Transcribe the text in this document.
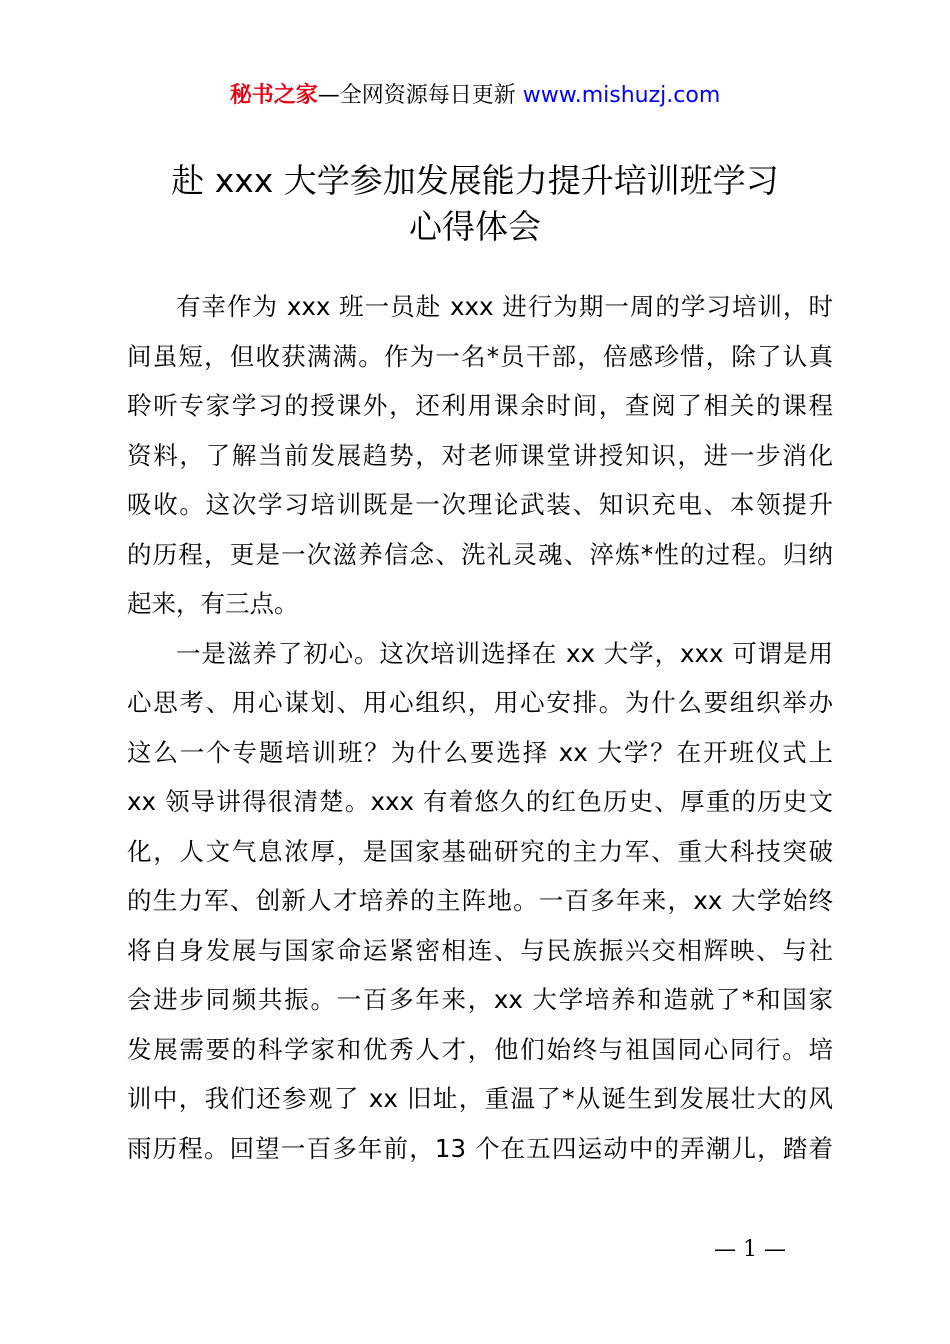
秘书之家—全网资源每日更新 www.mishuzj.com
赴 xxx 大学参加发展能力提升培训班学习
心得体会
有幸作为 xxx 班一员赴 xxx 进行为期一周的学习培训，时
间虽短，但收获满满。作为一名*员干部，倍感珍惜，除了认真
聆听专家学习的授课外，还利用课余时间，查阅了相关的课程
资料，了解当前发展趋势，对老师课堂讲授知识，进一步消化
吸收。这次学习培训既是一次理论武装、知识充电、本领提升
的历程，更是一次滋养信念、洗礼灵魂、淬炼*性的过程。归纳
起来，有三点。
一是滋养了初心。这次培训选择在 xx 大学，xxx 可谓是用
心思考、用心谋划、用心组织，用心安排。为什么要组织举办
这么一个专题培训班？为什么要选择 xx 大学？在开班仪式上
xx 领导讲得很清楚。xxx 有着悠久的红色历史、厚重的历史文
化，人文气息浓厚，是国家基础研究的主力军、重大科技突破
的生力军、创新人才培养的主阵地。一百多年来，xx 大学始终
将自身发展与国家命运紧密相连、与民族振兴交相辉映、与社
会进步同频共振。一百多年来，xx 大学培养和造就了*和国家
发展需要的科学家和优秀人才，他们始终与祖国同心同行。培
训中，我们还参观了 xx 旧址，重温了*从诞生到发展壮大的风
雨历程。回望一百多年前，13 个在五四运动中的弄潮儿，踏着
— 1 —
